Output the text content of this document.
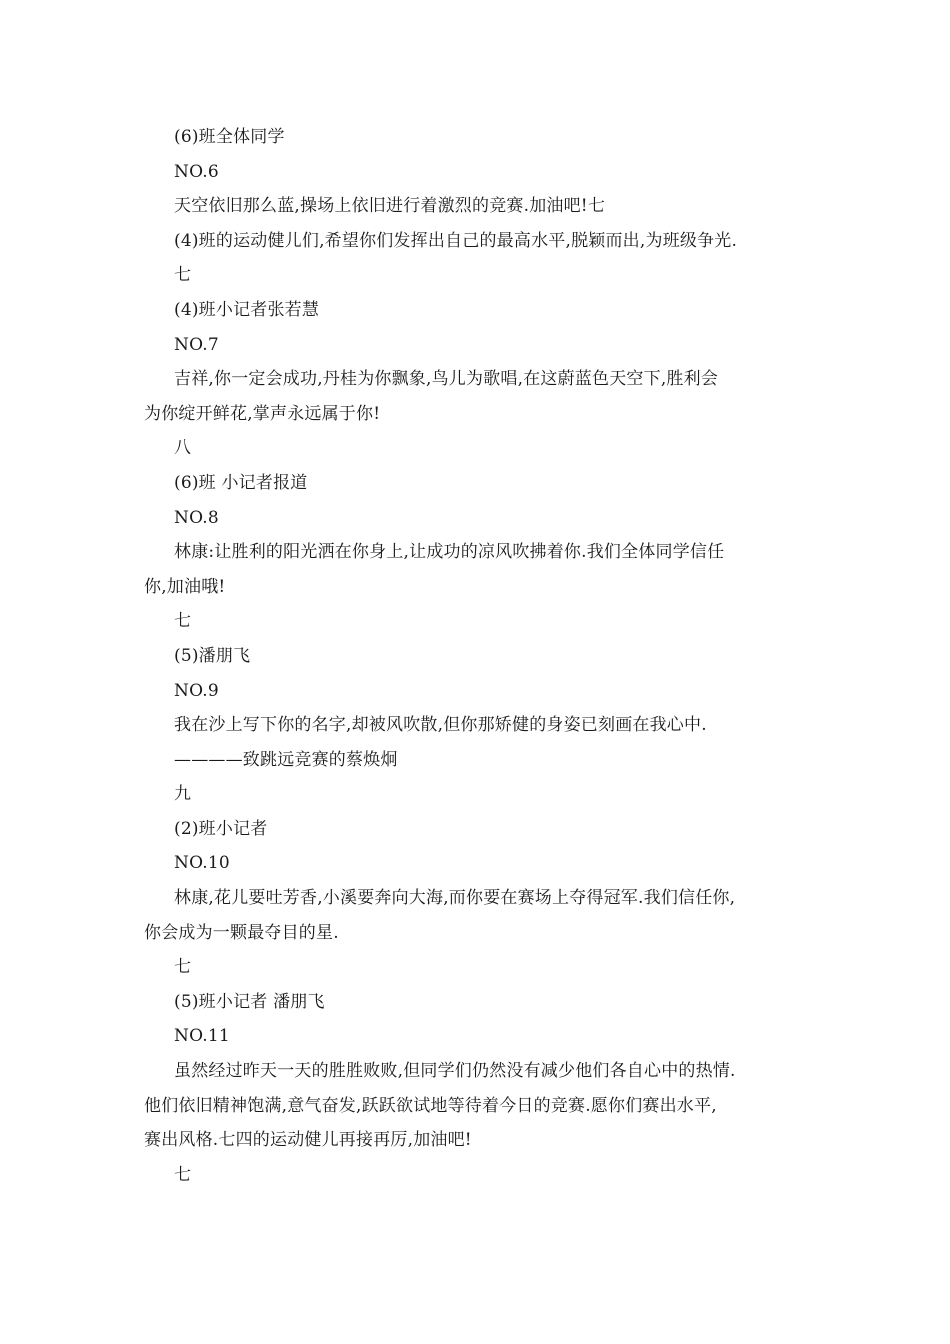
(6)班全体同学
NO.6
天空依旧那么蓝,操场上依旧进行着激烈的竞赛.加油吧!七
(4)班的运动健儿们,希望你们发挥出自己的最高水平,脱颖而出,为班级争光.
七
(4)班小记者张若慧
NO.7
吉祥,你一定会成功,丹桂为你飘象,鸟儿为歌唱,在这蔚蓝色天空下,胜利会
为你绽开鲜花,掌声永远属于你!
八
(6)班 小记者报道
NO.8
林康:让胜利的阳光洒在你身上,让成功的凉风吹拂着你.我们全体同学信任
你,加油哦!
七
(5)潘朋飞
NO.9
我在沙上写下你的名字,却被风吹散,但你那矫健的身姿已刻画在我心中.
————致跳远竞赛的蔡焕炯
九
(2)班小记者
NO.10
林康,花儿要吐芳香,小溪要奔向大海,而你要在赛场上夺得冠军.我们信任你,
你会成为一颗最夺目的星.
七
(5)班小记者 潘朋飞
NO.11
虽然经过昨天一天的胜胜败败,但同学们仍然没有减少他们各自心中的热情.
他们依旧精神饱满,意气奋发,跃跃欲试地等待着今日的竞赛.愿你们赛出水平,
赛出风格.七四的运动健儿再接再厉,加油吧!
七
